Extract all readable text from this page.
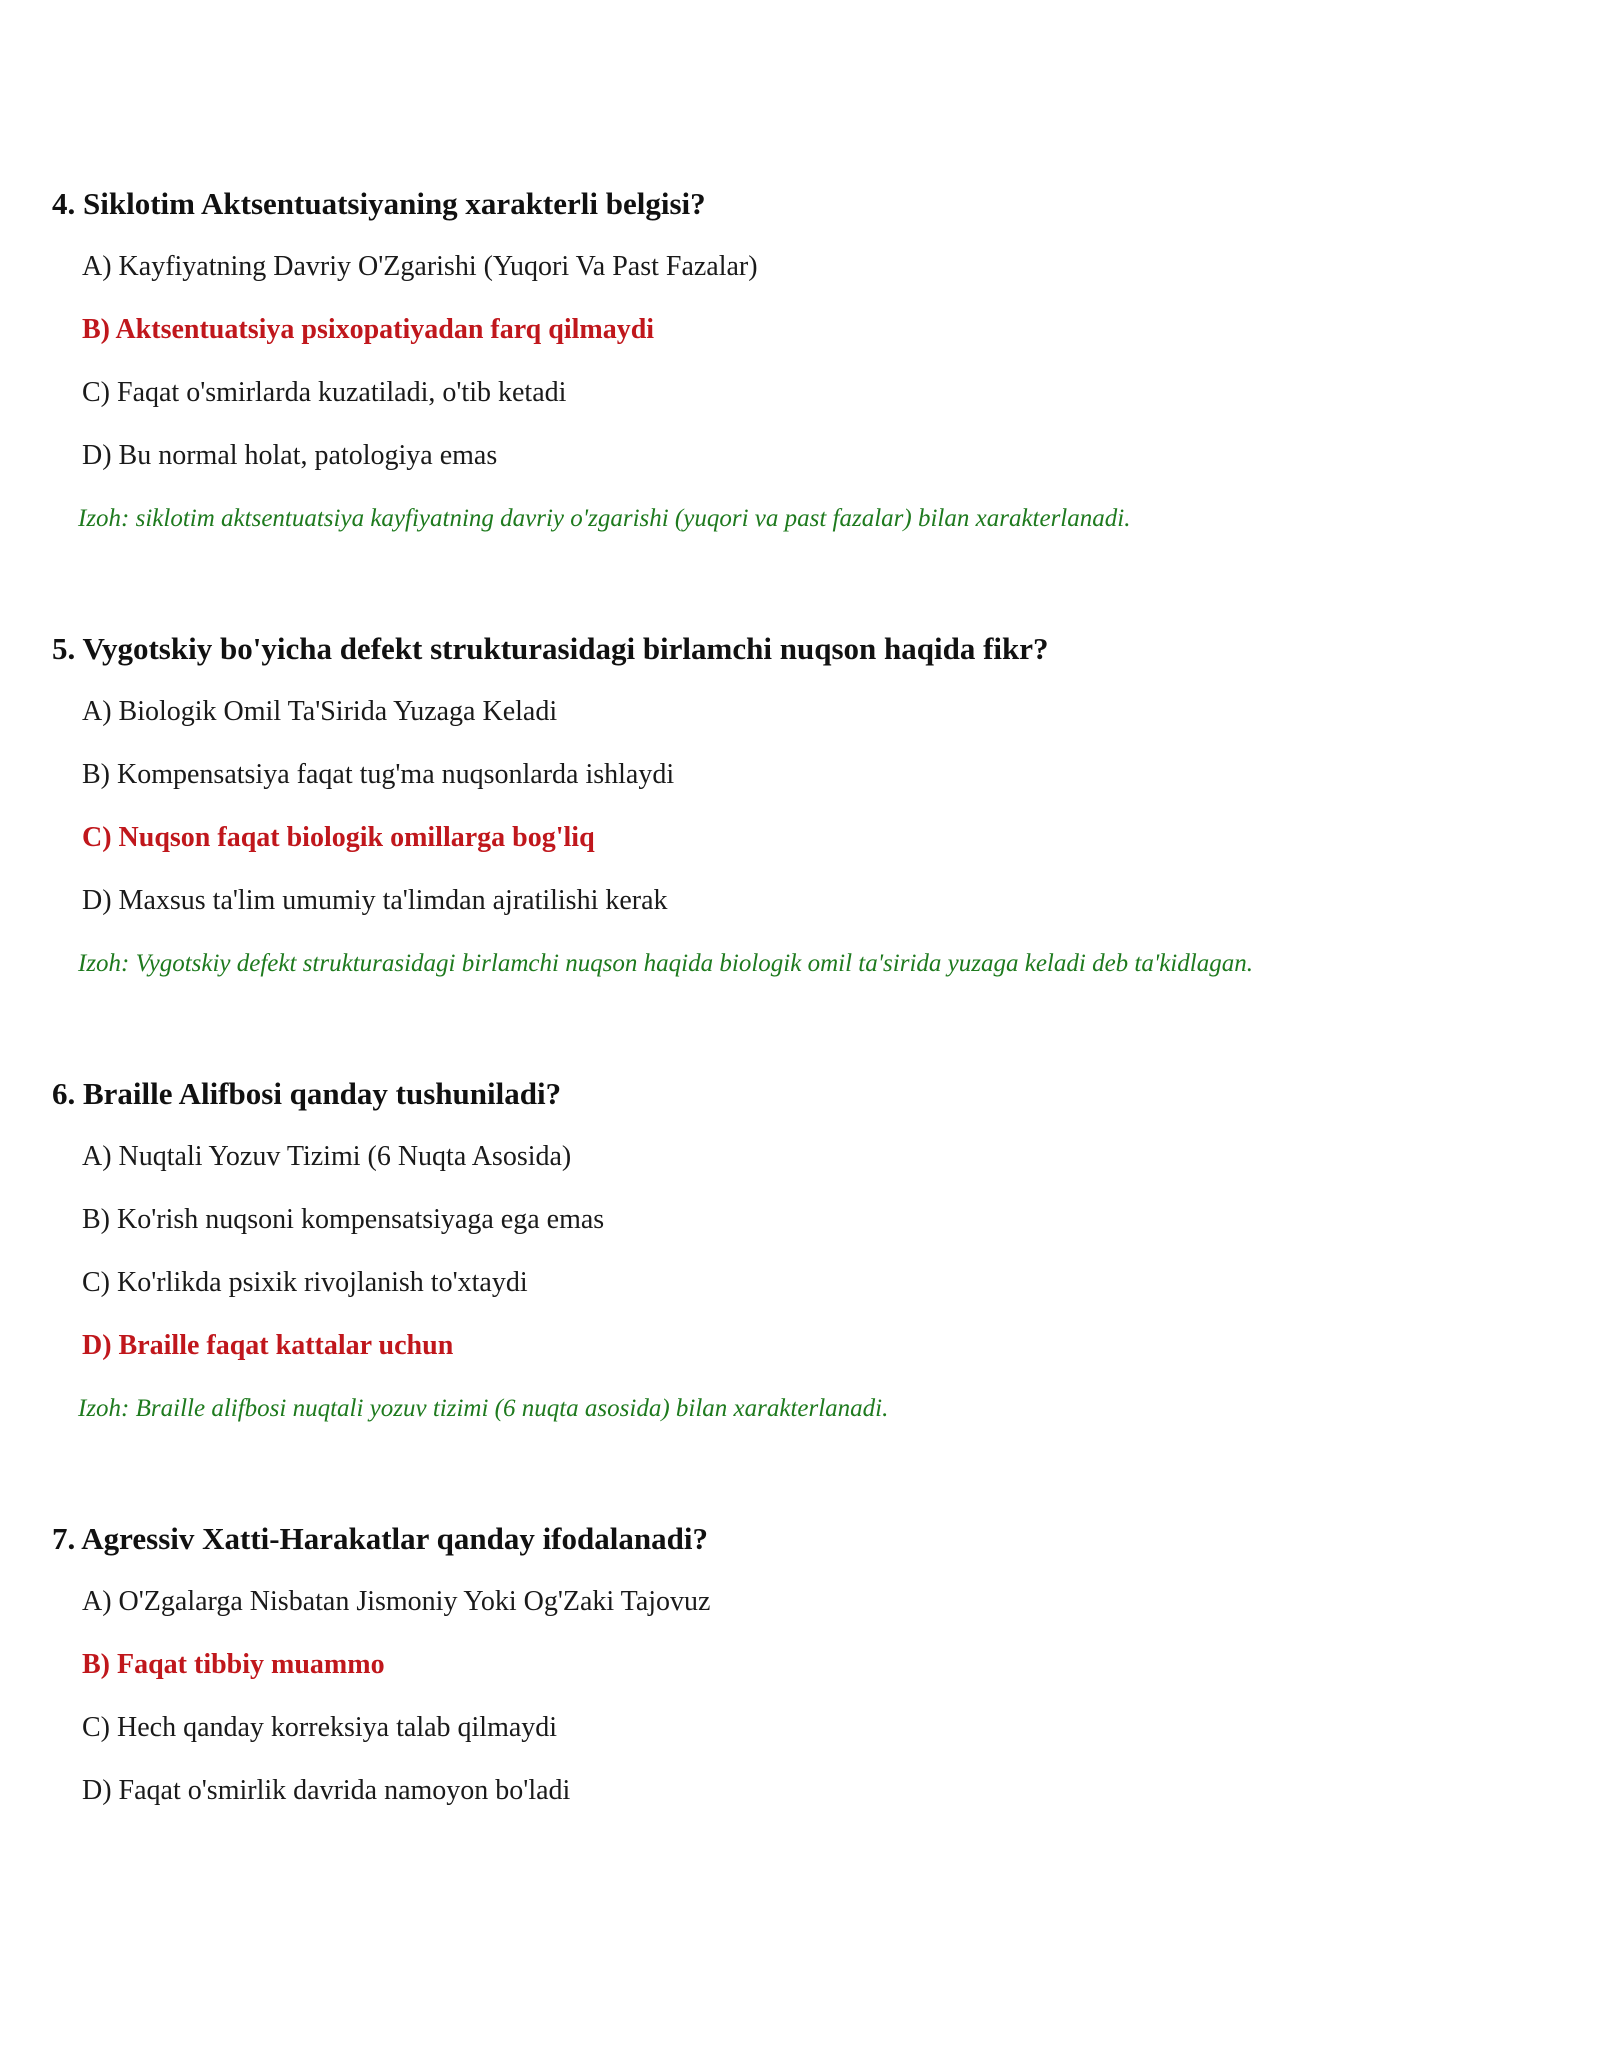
4. Siklotim Aktsentuatsiyaning xarakterli belgisi?
A) Kayfiyatning Davriy O'Zgarishi (Yuqori Va Past Fazalar)
B) Aktsentuatsiya psixopatiyadan farq qilmaydi
C) Faqat o'smirlarda kuzatiladi, o'tib ketadi
D) Bu normal holat, patologiya emas
Izoh: siklotim aktsentuatsiya kayfiyatning davriy o'zgarishi (yuqori va past fazalar) bilan xarakterlanadi.
5. Vygotskiy bo'yicha defekt strukturasidagi birlamchi nuqson haqida fikr?
A) Biologik Omil Ta'Sirida Yuzaga Keladi
B) Kompensatsiya faqat tug'ma nuqsonlarda ishlaydi
C) Nuqson faqat biologik omillarga bog'liq
D) Maxsus ta'lim umumiy ta'limdan ajratilishi kerak
Izoh: Vygotskiy defekt strukturasidagi birlamchi nuqson haqida biologik omil ta'sirida yuzaga keladi deb ta'kidlagan.
6. Braille Alifbosi qanday tushuniladi?
A) Nuqtali Yozuv Tizimi (6 Nuqta Asosida)
B) Ko'rish nuqsoni kompensatsiyaga ega emas
C) Ko'rlikda psixik rivojlanish to'xtaydi
D) Braille faqat kattalar uchun
Izoh: Braille alifbosi nuqtali yozuv tizimi (6 nuqta asosida) bilan xarakterlanadi.
7. Agressiv Xatti-Harakatlar qanday ifodalanadi?
A) O'Zgalarga Nisbatan Jismoniy Yoki Og'Zaki Tajovuz
B) Faqat tibbiy muammo
C) Hech qanday korreksiya talab qilmaydi
D) Faqat o'smirlik davrida namoyon bo'ladi
